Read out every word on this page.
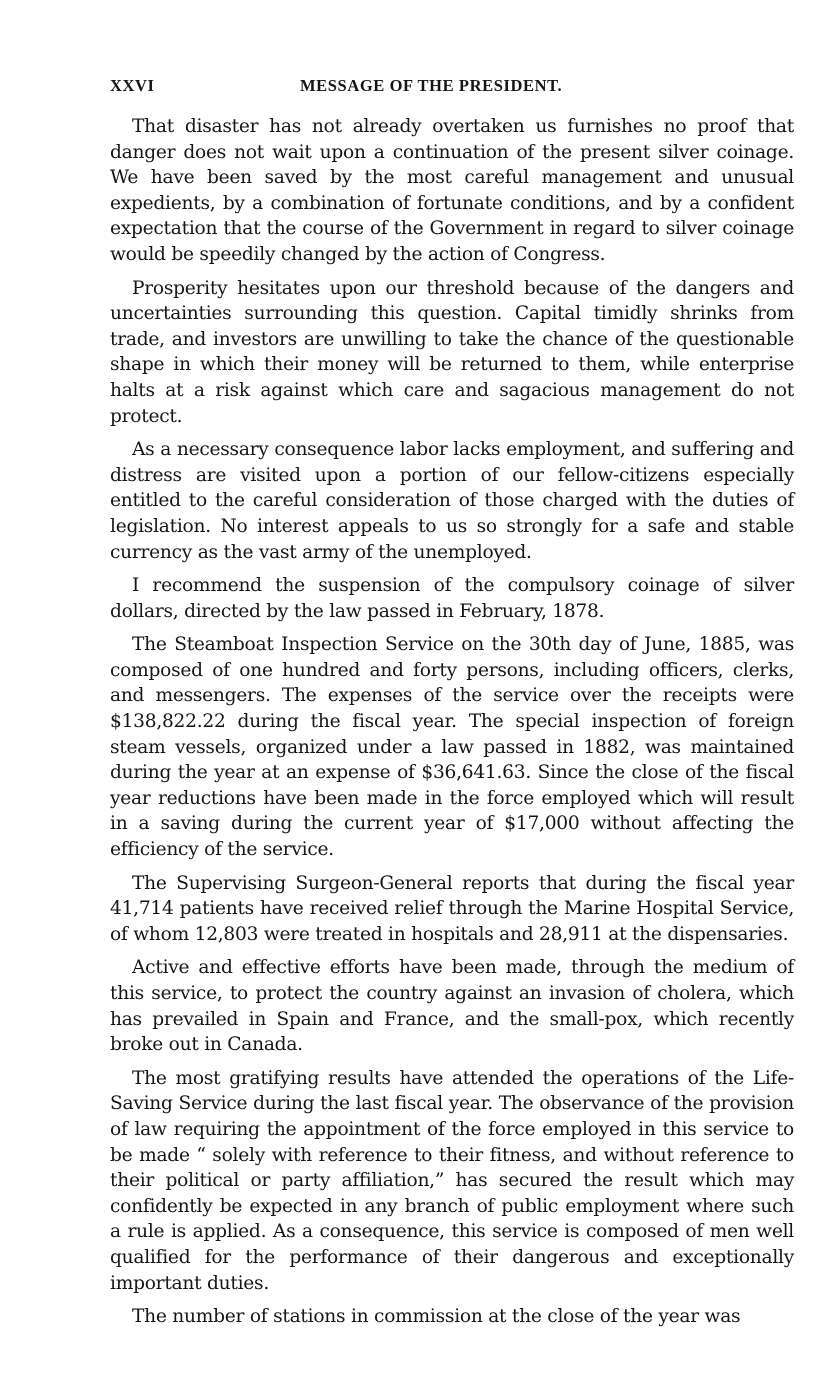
XXVI	MESSAGE OF THE PRESIDENT.

That disaster has not already overtaken us furnishes no proof that danger does not wait upon a continuation of the present silver coinage. We have been saved by the most careful management and unusual expedients, by a combination of fortunate conditions, and by a confident expectation that the course of the Government in regard to silver coinage would be speedily changed by the action of Congress.

Prosperity hesitates upon our threshold because of the dangers and uncertainties surrounding this question. Capital timidly shrinks from trade, and investors are unwilling to take the chance of the questionable shape in which their money will be returned to them, while enterprise halts at a risk against which care and sagacious management do not protect.

As a necessary consequence labor lacks employment, and suffering and distress are visited upon a portion of our fellow-citizens especially entitled to the careful consideration of those charged with the duties of legislation. No interest appeals to us so strongly for a safe and stable currency as the vast army of the unemployed.

I recommend the suspension of the compulsory coinage of silver dollars, directed by the law passed in February, 1878.

The Steamboat Inspection Service on the 30th day of June, 1885, was composed of one hundred and forty persons, including officers, clerks, and messengers. The expenses of the service over the receipts were $138,822.22 during the fiscal year. The special inspection of foreign steam vessels, organized under a law passed in 1882, was maintained during the year at an expense of $36,641.63. Since the close of the fiscal year reductions have been made in the force employed which will result in a saving during the current year of $17,000 without affecting the efficiency of the service.

The Supervising Surgeon-General reports that during the fiscal year 41,714 patients have received relief through the Marine Hospital Service, of whom 12,803 were treated in hospitals and 28,911 at the dispensaries.

Active and effective efforts have been made, through the medium of this service, to protect the country against an invasion of cholera, which has prevailed in Spain and France, and the small-pox, which recently broke out in Canada.

The most gratifying results have attended the operations of the Life-Saving Service during the last fiscal year. The observance of the provision of law requiring the appointment of the force employed in this service to be made “ solely with reference to their fitness, and without reference to their political or party affiliation,” has secured the result which may confidently be expected in any branch of public employment where such a rule is applied. As a consequence, this service is composed of men well qualified for the performance of their dangerous and exceptionally important duties.

The number of stations in commission at the close of the year was
